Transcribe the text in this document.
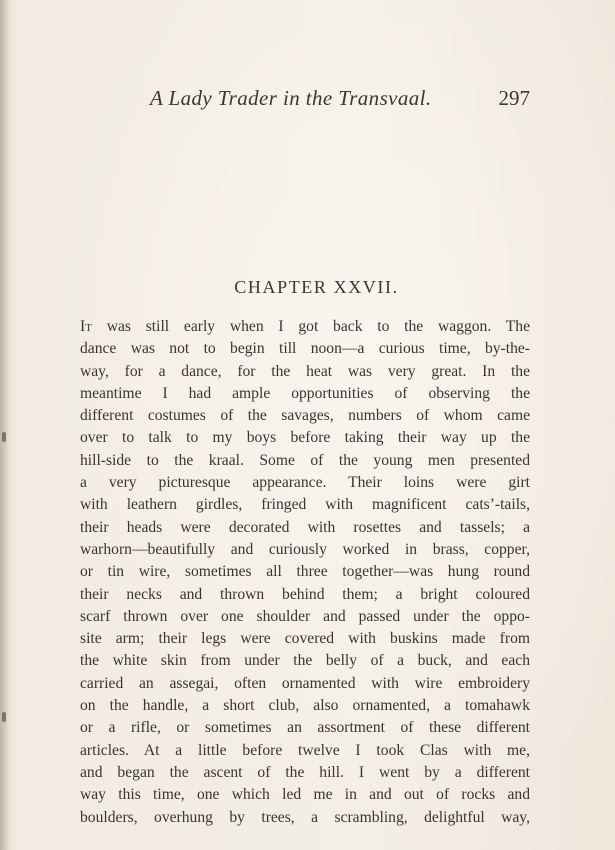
A Lady Trader in the Transvaal.	297
CHAPTER XXVII.
It was still early when I got back to the waggon. The
dance was not to begin till noon—a curious time, by-the-
way, for a dance, for the heat was very great. In the
meantime I had ample opportunities of observing the
different costumes of the savages, numbers of whom came
over to talk to my boys before taking their way up the
hill-side to the kraal. Some of the young men presented
a very picturesque appearance. Their loins were girt
with leathern girdles, fringed with magnificent cats’-tails,
their heads were decorated with rosettes and tassels; a
warhorn—beautifully and curiously worked in brass, copper,
or tin wire, sometimes all three together—was hung round
their necks and thrown behind them; a bright coloured
scarf thrown over one shoulder and passed under the oppo-
site arm; their legs were covered with buskins made from
the white skin from under the belly of a buck, and each
carried an assegai, often ornamented with wire embroidery
on the handle, a short club, also ornamented, a tomahawk
or a rifle, or sometimes an assortment of these different
articles. At a little before twelve I took Clas with me,
and began the ascent of the hill. I went by a different
way this time, one which led me in and out of rocks and
boulders, overhung by trees, a scrambling, delightful way,
